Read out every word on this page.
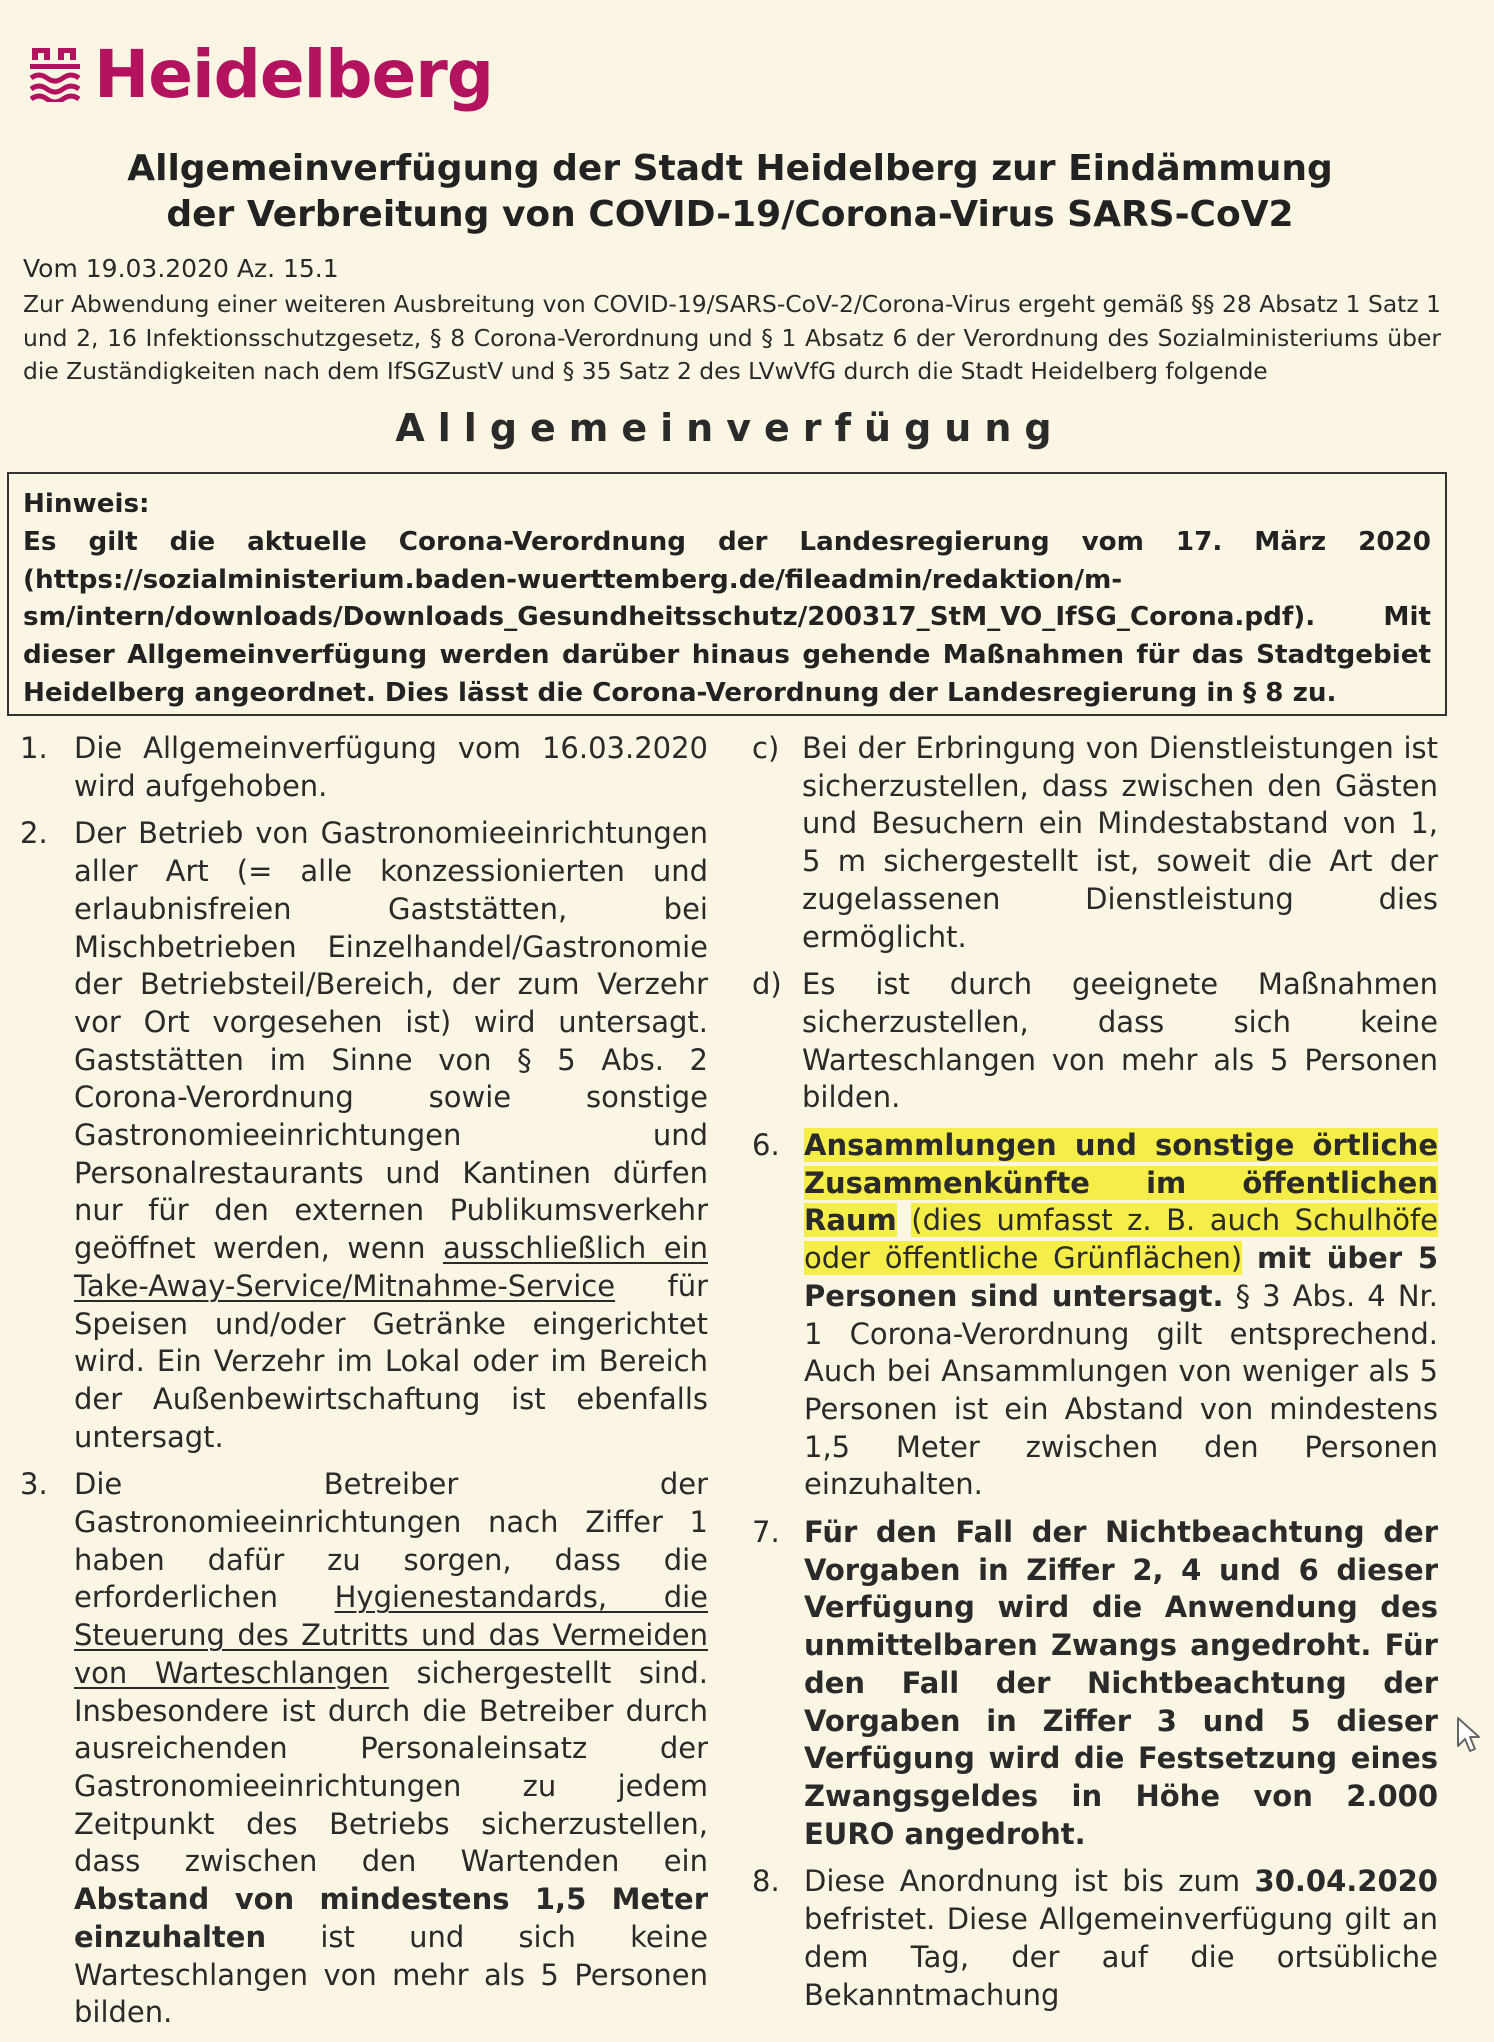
Heidelberg
Allgemeinverfügung der Stadt Heidelberg zur Eindämmung
der Verbreitung von COVID-19/Corona-Virus SARS-CoV2
Vom 19.03.2020 Az. 15.1
Zur Abwendung einer weiteren Ausbreitung von COVID-19/SARS-CoV-2/Corona-Virus ergeht gemäß §§ 28 Absatz 1 Satz 1 und 2, 16 Infektionsschutzgesetz, § 8 Corona-Verordnung und § 1 Absatz 6 der Verordnung des Sozialministeriums über die Zuständigkeiten nach dem IfSGZustV und § 35 Satz 2 des LVwVfG durch die Stadt Heidelberg folgende
Allgemeinverfügung

Hinweis:

Es gilt die aktuelle Corona-Verordnung der Landesregierung vom 17. März 2020 (https://sozialministerium.baden-wuerttemberg.de/fileadmin/redaktion/m-sm/intern/downloads/Downloads_Gesundheitsschutz/200317_StM_VO_IfSG_Corona.pdf). Mit dieser Allgemeinverfügung werden darüber hinaus gehende Maßnahmen für das Stadtgebiet Heidelberg angeordnet. Dies lässt die Corona-Verordnung der Landesregierung in § 8 zu.

1. Die Allgemeinverfügung vom 16.03.2020 wird aufgehoben.
2. Der Betrieb von Gastronomieeinrichtungen aller Art (= alle konzessionierten und erlaubnisfreien Gaststätten, bei Mischbetrieben Einzelhandel/Gastronomie der Betriebsteil/Bereich, der zum Verzehr vor Ort vorgesehen ist) wird untersagt. Gaststätten im Sinne von § 5 Abs. 2 Corona-Verordnung sowie sonstige Gastronomieeinrichtungen und Personalrestaurants und Kantinen dürfen nur für den externen Publikumsverkehr geöffnet werden, wenn ausschließlich ein Take-Away-Service/Mitnahme-Service für Speisen und/oder Getränke eingerichtet wird. Ein Verzehr im Lokal oder im Bereich der Außenbewirtschaftung ist ebenfalls untersagt.
3. Die Betreiber der Gastronomieeinrichtungen nach Ziffer 1 haben dafür zu sorgen, dass die erforderlichen Hygienestandards, die Steuerung des Zutritts und das Vermeiden von Warteschlangen sichergestellt sind. Insbesondere ist durch die Betreiber durch ausreichenden Personaleinsatz der Gastronomieeinrichtungen zu jedem Zeitpunkt des Betriebs sicherzustellen, dass zwischen den Wartenden ein Abstand von mindestens 1,5 Meter einzuhalten ist und sich keine Warteschlangen von mehr als 5 Personen bilden.
c) Bei der Erbringung von Dienstleistungen ist sicherzustellen, dass zwischen den Gästen und Besuchern ein Mindestabstand von 1, 5 m sichergestellt ist, soweit die Art der zugelassenen Dienstleistung dies ermöglicht.
d) Es ist durch geeignete Maßnahmen sicherzustellen, dass sich keine Warteschlangen von mehr als 5 Personen bilden.
6. Ansammlungen und sonstige örtliche Zusammenkünfte im öffentlichen Raum (dies umfasst z. B. auch Schulhöfe oder öffentliche Grünflächen) mit über 5 Personen sind untersagt. § 3 Abs. 4 Nr. 1 Corona-Verordnung gilt entsprechend. Auch bei Ansammlungen von weniger als 5 Personen ist ein Abstand von mindestens 1,5 Meter zwischen den Personen einzuhalten.
7. Für den Fall der Nichtbeachtung der Vorgaben in Ziffer 2, 4 und 6 dieser Verfügung wird die Anwendung des unmittelbaren Zwangs angedroht. Für den Fall der Nichtbeachtung der Vorgaben in Ziffer 3 und 5 dieser Verfügung wird die Festsetzung eines Zwangsgeldes in Höhe von 2.000 EURO angedroht.
8. Diese Anordnung ist bis zum 30.04.2020 befristet. Diese Allgemeinverfügung gilt an dem Tag, der auf die ortsübliche Bekanntmachung
